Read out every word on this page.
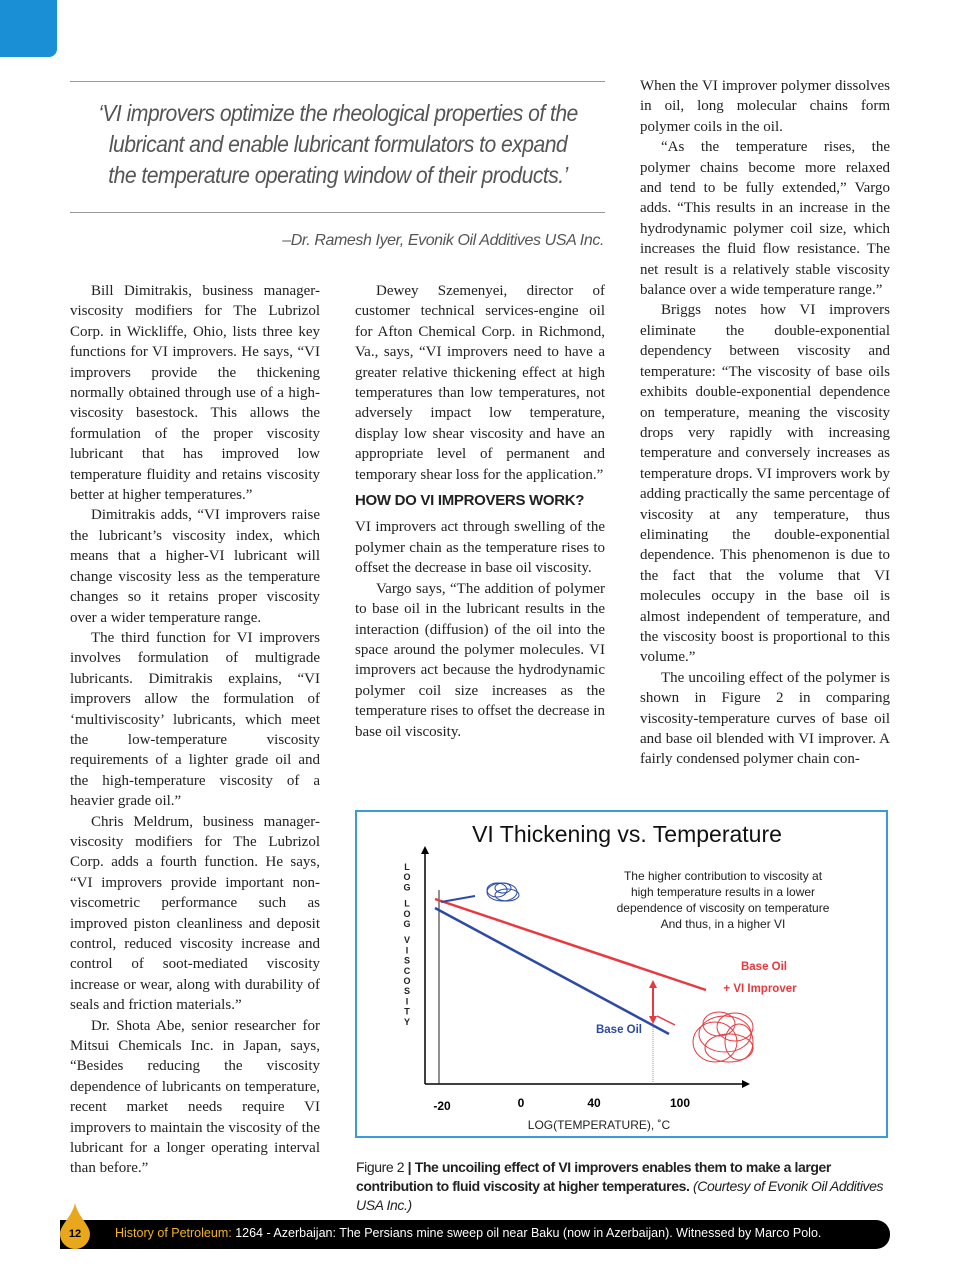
‘VI improvers optimize the rheological properties of the lubricant and enable lubricant formulators to expand the temperature operating window of their products.’
–Dr. Ramesh Iyer, Evonik Oil Additives USA Inc.

Bill Dimitrakis, business manager-viscosity modifiers for The Lubrizol Corp. in Wickliffe, Ohio, lists three key functions for VI improvers. He says, “VI improvers provide the thickening normally obtained through use of a high-viscosity basestock. This allows the formulation of the proper viscosity lubricant that has improved low temperature fluidity and retains viscosity better at higher temperatures.”

Dimitrakis adds, “VI improvers raise the lubricant’s viscosity index, which means that a higher-VI lubricant will change viscosity less as the temperature changes so it retains proper viscosity over a wider temperature range.

The third function for VI improvers involves formulation of multigrade lubricants. Dimitrakis explains, “VI improvers allow the formulation of ‘multiviscosity’ lubricants, which meet the low-temperature viscosity requirements of a lighter grade oil and the high-temperature viscosity of a heavier grade oil.”

Chris Meldrum, business manager-viscosity modifiers for The Lubrizol Corp. adds a fourth function. He says, “VI improvers provide important non-viscometric performance such as improved piston cleanliness and deposit control, reduced viscosity increase and control of soot-mediated viscosity increase or wear, along with durability of seals and friction materials.”

Dr. Shota Abe, senior researcher for Mitsui Chemicals Inc. in Japan, says, “Besides reducing the viscosity dependence of lubricants on temperature, recent market needs require VI improvers to maintain the viscosity of the lubricant for a longer operating interval than before.”

Dewey Szemenyei, director of customer technical services-engine oil for Afton Chemical Corp. in Richmond, Va., says, “VI improvers need to have a greater relative thickening effect at high temperatures than low temperatures, not adversely impact low temperature, display low shear viscosity and have an appropriate level of permanent and temporary shear loss for the application.”

HOW DO VI IMPROVERS WORK?

VI improvers act through swelling of the polymer chain as the temperature rises to offset the decrease in base oil viscosity.

Vargo says, “The addition of polymer to base oil in the lubricant results in the interaction (diffusion) of the oil into the space around the polymer molecules. VI improvers act because the hydrodynamic polymer coil size increases as the temperature rises to offset the decrease in base oil viscosity.

When the VI improver polymer dissolves in oil, long molecular chains form polymer coils in the oil.

“As the temperature rises, the polymer chains become more relaxed and tend to be fully extended,” Vargo adds. “This results in an increase in the hydrodynamic polymer coil size, which increases the fluid flow resistance. The net result is a relatively stable viscosity balance over a wide temperature range.”

Briggs notes how VI improvers eliminate the double-exponential dependency between viscosity and temperature: “The viscosity of base oils exhibits double-exponential dependence on temperature, meaning the viscosity drops very rapidly with increasing temperature and conversely increases as temperature drops. VI improvers work by adding practically the same percentage of viscosity at any temperature, thus eliminating the double-exponential dependence. This phenomenon is due to the fact that the volume that VI molecules occupy in the base oil is almost independent of temperature, and the viscosity boost is proportional to this volume.”

The uncoiling effect of the polymer is shown in Figure 2 in comparing viscosity-temperature curves of base oil and base oil blended with VI improver. A fairly condensed polymer chain con-

VI Thickening vs. Temperature
L
O
G
L
O
G
V
I
S
C
O
S
I
T
Y
-20	0	40	100
LOG(TEMPERATURE), ˚C
The higher contribution to viscosity at
high temperature results in a lower
dependence of viscosity on temperature
And thus, in a higher VI
Base Oil
+ VI Improver
Base Oil
Figure 2 | The uncoiling effect of VI improvers enables them to make a larger contribution to fluid viscosity at higher temperatures. (Courtesy of Evonik Oil Additives USA Inc.)
History of Petroleum: 1264 - Azerbaijan: The Persians mine sweep oil near Baku (now in Azerbaijan). Witnessed by Marco Polo.
12
